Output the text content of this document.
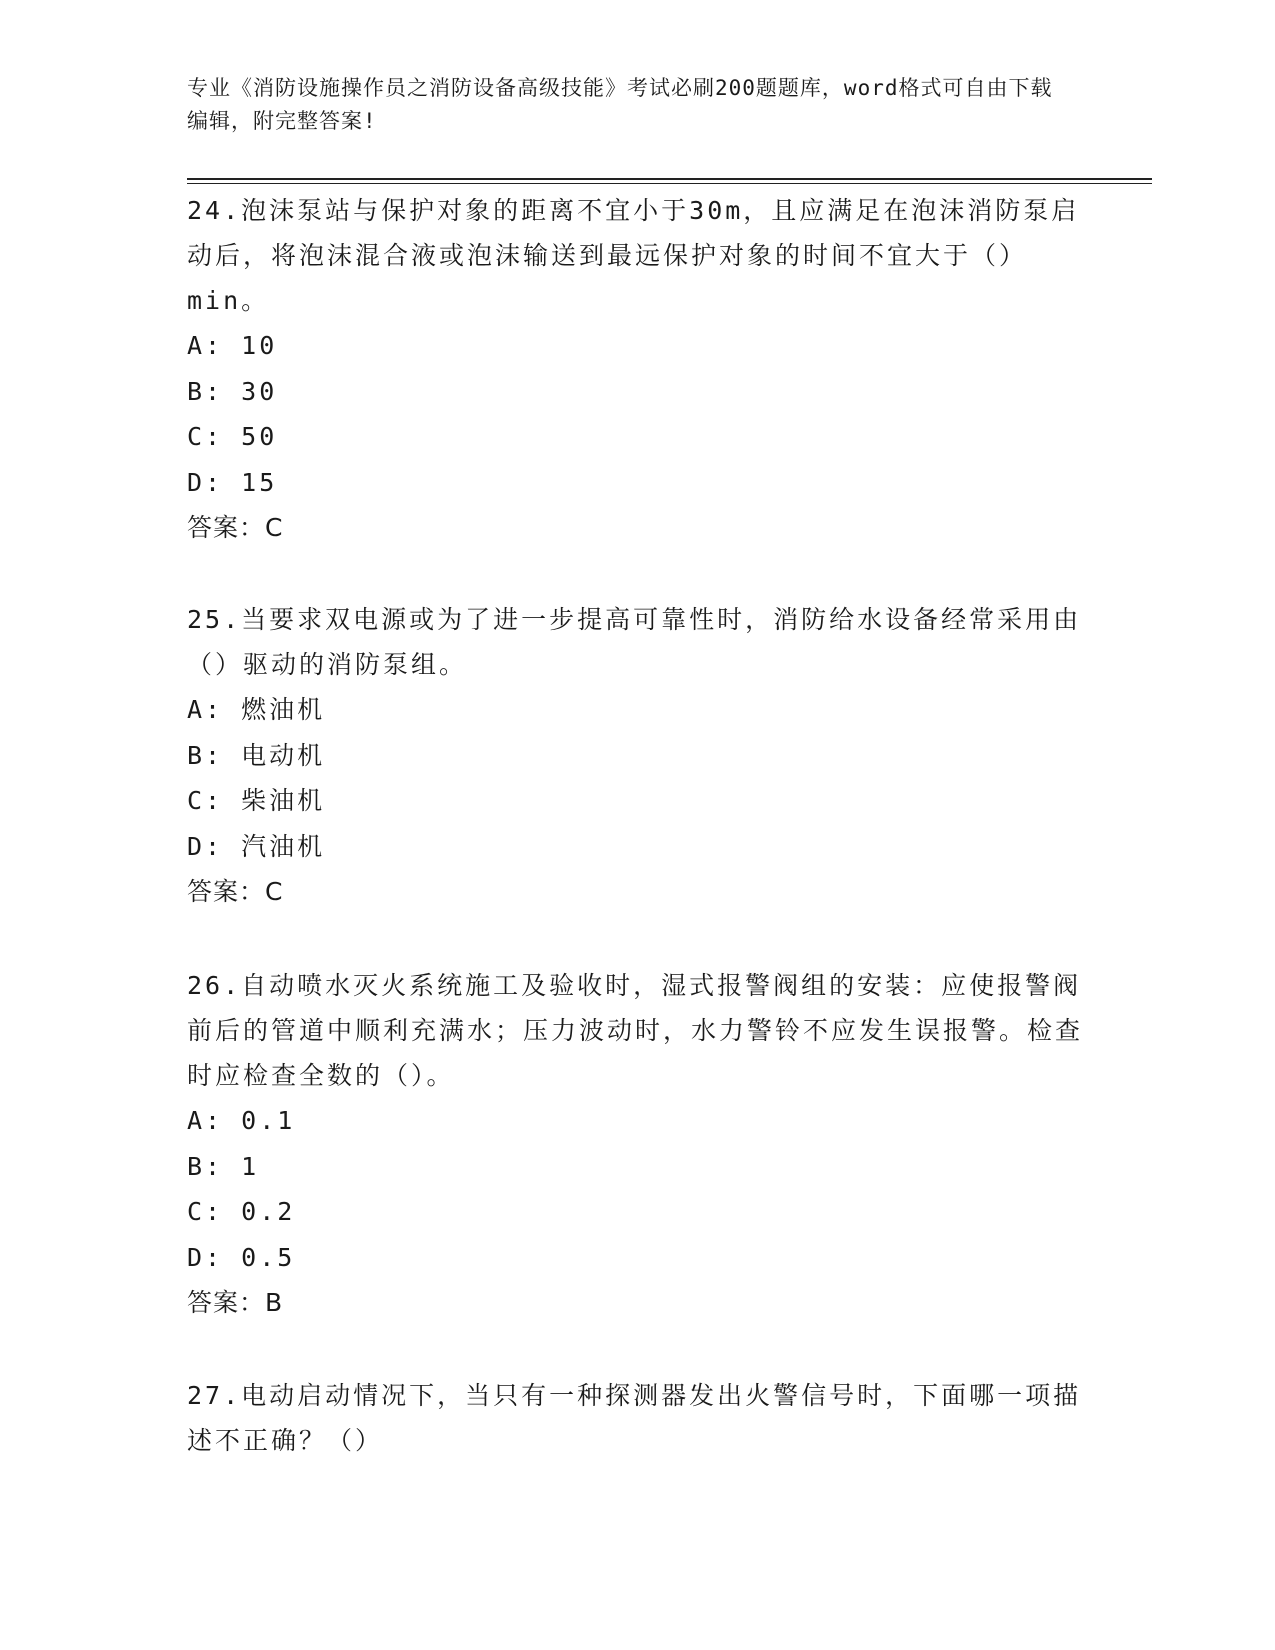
专业《消防设施操作员之消防设备高级技能》考试必刷200题题库，word格式可自由下载编辑，附完整答案!
24.泡沫泵站与保护对象的距离不宜小于30m，且应满足在泡沫消防泵启动后，将泡沫混合液或泡沫输送到最远保护对象的时间不宜大于（）min。
A: 10
B: 30
C: 50
D: 15
答案：C
25.当要求双电源或为了进一步提高可靠性时，消防给水设备经常采用由（）驱动的消防泵组。
A: 燃油机
B: 电动机
C: 柴油机
D: 汽油机
答案：C
26.自动喷水灭火系统施工及验收时，湿式报警阀组的安装：应使报警阀前后的管道中顺利充满水；压力波动时，水力警铃不应发生误报警。检查时应检查全数的（）。
A: 0.1
B: 1
C: 0.2
D: 0.5
答案：B
27.电动启动情况下，当只有一种探测器发出火警信号时，下面哪一项描述不正确？（）
